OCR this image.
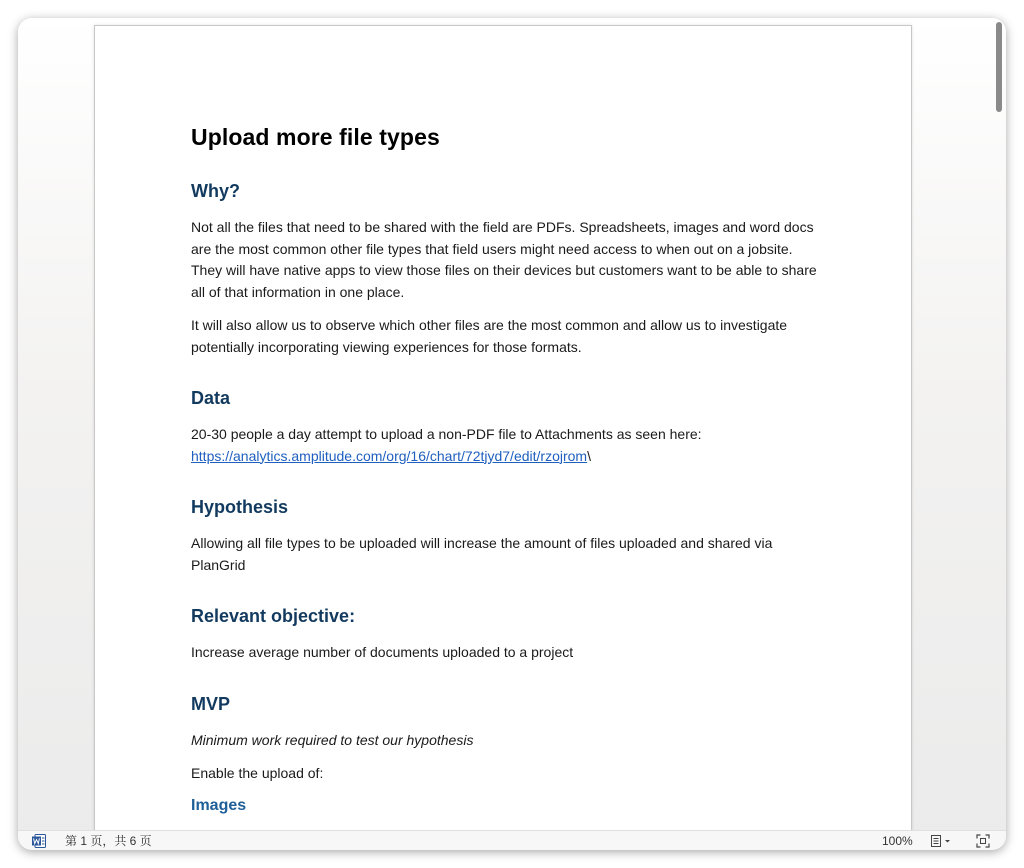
Upload more file types
Why?

Not all the files that need to be shared with the field are PDFs. Spreadsheets, images and word docs are the most common other file types that field users might need access to when out on a jobsite. They will have native apps to view those files on their devices but customers want to be able to share all of that information in one place.

It will also allow us to observe which other files are the most common and allow us to investigate potentially incorporating viewing experiences for those formats.

Data

20-30 people a day attempt to upload a non-PDF file to Attachments as seen here:
https://analytics.amplitude.com/org/16/chart/72tjyd7/edit/rzojrom\

Hypothesis

Allowing all file types to be uploaded will increase the amount of files uploaded and shared via PlanGrid

Relevant objective:

Increase average number of documents uploaded to a project

MVP

Minimum work required to test our hypothesis

Enable the upload of:

Images
第 1 页，共 6 页	100%
